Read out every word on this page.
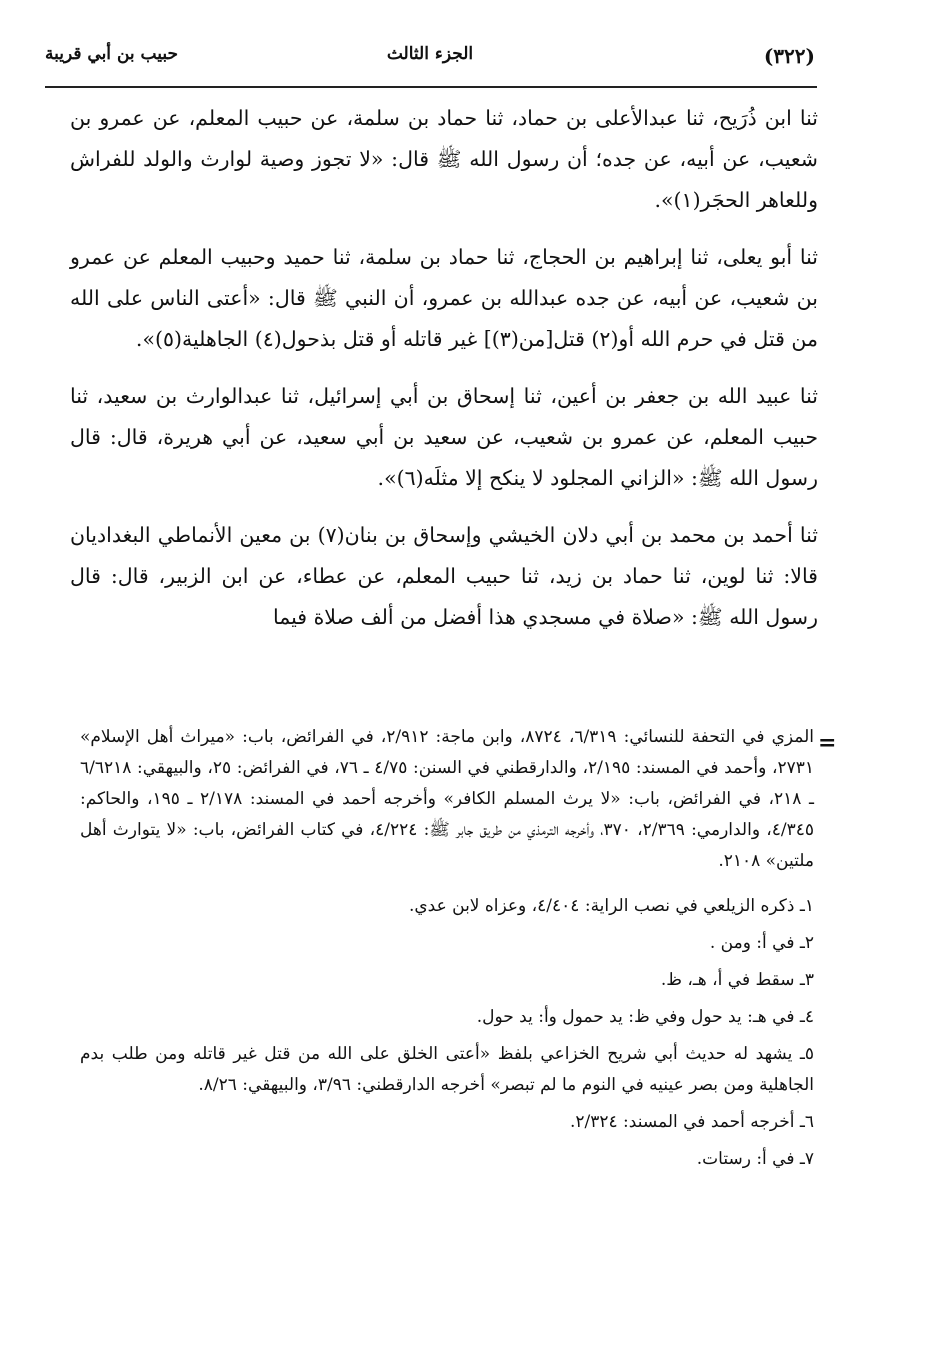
(٣٢٢)
الجزء الثالث
حبيب بن أبي قريبة

ثنا ابن ذُرَيح، ثنا عبدالأعلى بن حماد، ثنا حماد بن سلمة، عن حبيب المعلم، عن عمرو بن شعيب، عن أبيه، عن جده؛ أن رسول الله ﷺ قال: «لا تجوز وصية لوارث والولد للفراش وللعاهر الحجَر(١)».

ثنا أبو يعلى، ثنا إبراهيم بن الحجاج، ثنا حماد بن سلمة، ثنا حميد وحبيب المعلم عن عمرو بن شعيب، عن أبيه، عن جده عبدالله بن عمرو، أن النبي ﷺ قال: «أعتى الناس على الله من قتل في حرم الله أو(٢) قتل[من(٣)] غير قاتله أو قتل بذحول(٤) الجاهلية(٥)».

ثنا عبيد الله بن جعفر بن أعين، ثنا إسحاق بن أبي إسرائيل، ثنا عبدالوارث بن سعيد، ثنا حبيب المعلم، عن عمرو بن شعيب، عن سعيد بن أبي سعيد، عن أبي هريرة، قال: قال رسول الله ﷺ: «الزاني المجلود لا ينكح إلا مثلَه(٦)».

ثنا أحمد بن محمد بن أبي دلان الخيشي وإسحاق بن بنان(٧) بن معين الأنماطي البغداديان قالا: ثنا لوين، ثنا حماد بن زيد، ثنا حبيب المعلم، عن عطاء، عن ابن الزبير، قال: قال رسول الله ﷺ: «صلاة في مسجدي هذا أفضل من ألف صلاة فيما

=

المزي في التحفة للنسائي: ٦/٣١٩، ٨٧٢٤، وابن ماجة: ٢/٩١٢، في الفرائض، باب: «ميراث أهل الإسلام» ٢٧٣١، وأحمد في المسند: ٢/١٩٥، والدارقطني في السنن: ٤/٧٥ ـ ٧٦، في الفرائض: ٢٥، والبيهقي: ٦/٦٢١٨ ـ ٢١٨، في الفرائض، باب: «لا يرث المسلم الكافر» وأخرجه أحمد في المسند: ٢/١٧٨ ـ ١٩٥، والحاكم: ٤/٣٤٥، والدارمي: ٢/٣٦٩، ٣٧٠، وأخرجه الترمذي من طريق جابر ﷺ: ٤/٢٢٤، في كتاب الفرائض، باب: «لا يتوارث أهل ملتين» ٢١٠٨.

١ـ ذكره الزيلعي في نصب الراية: ٤/٤٠٤، وعزاه لابن عدي.

٢ـ في أ: ومن .

٣ـ سقط في أ، هـ، ظ.

٤ـ في هـ: يد حول وفي ظ: يد حمول وأ: يد حول.

٥ـ يشهد له حديث أبي شريح الخزاعي بلفظ «أعتى الخلق على الله من قتل غير قاتله ومن طلب بدم الجاهلية ومن بصر عينيه في النوم ما لم تبصر» أخرجه الدارقطني: ٣/٩٦، والبيهقي: ٨/٢٦.

٦ـ أخرجه أحمد في المسند: ٢/٣٢٤.

٧ـ في أ: رستات.
